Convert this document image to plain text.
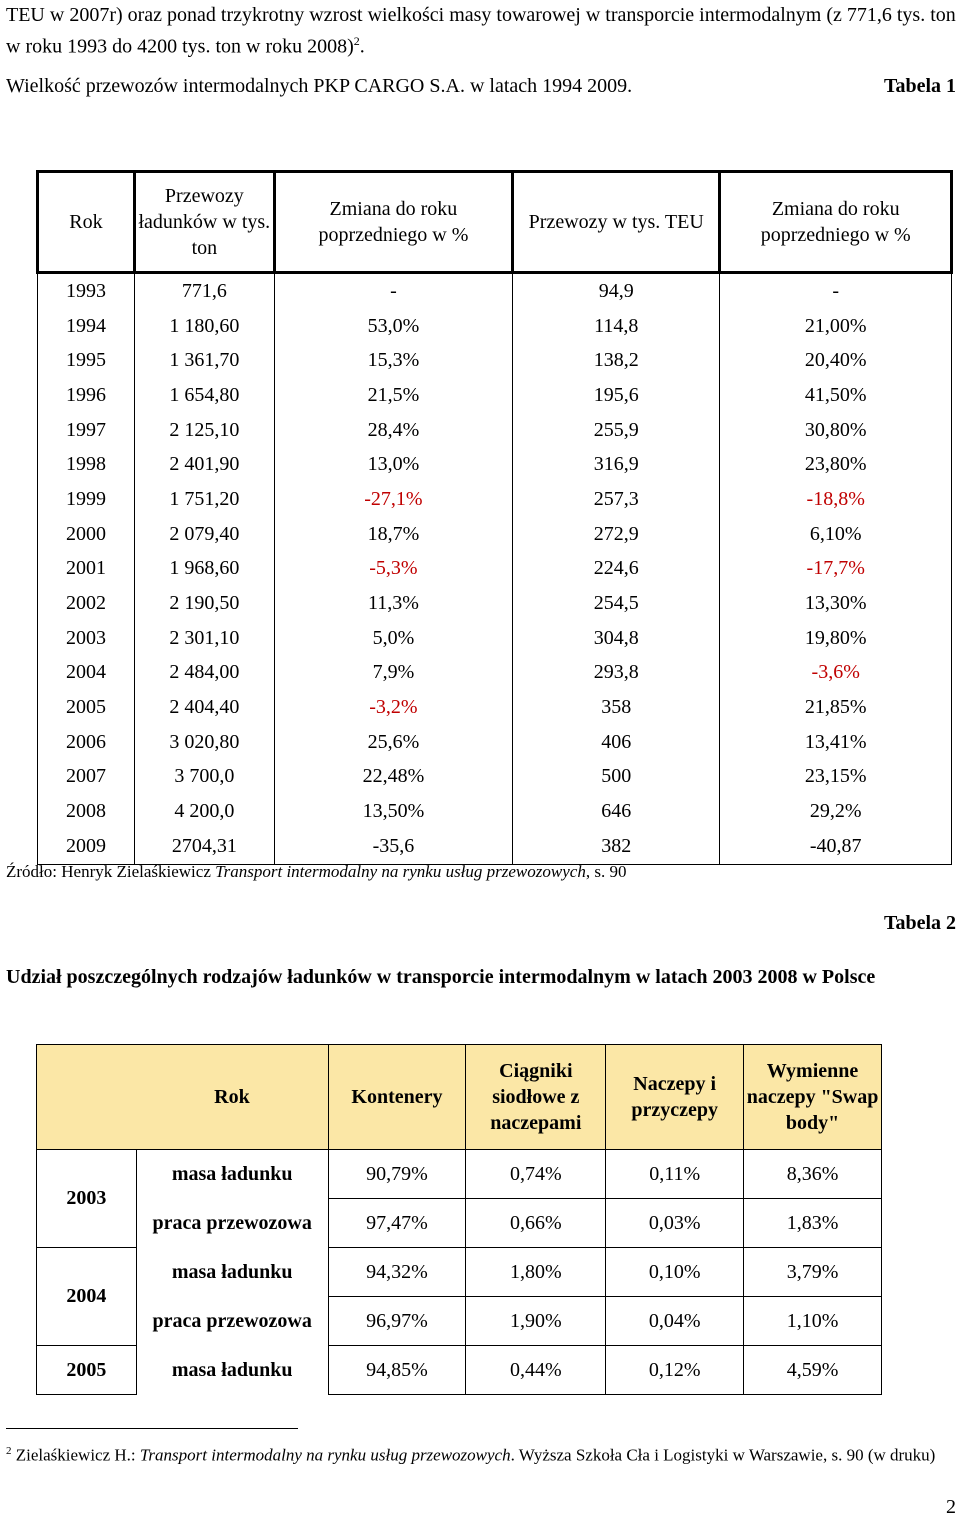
TEU w 2007r) oraz ponad trzykrotny wzrost wielkości masy towarowej w transporcie intermodalnym (z 771,6 tys. ton w roku 1993 do 4200 tys. ton w roku 2008)$^2$.
Wielkość przewozów intermodalnych PKP CARGO S.A. w latach 1994 2009.	Tabela 1
Rok	Przewozy ładunków w tys. ton	Zmiana do roku poprzedniego w %	Przewozy w tys. TEU	Zmiana do roku poprzedniego w %
1993	771,6	-	94,9	-
1994	1 180,60	53,0%	114,8	21,00%
1995	1 361,70	15,3%	138,2	20,40%
1996	1 654,80	21,5%	195,6	41,50%
1997	2 125,10	28,4%	255,9	30,80%
1998	2 401,90	13,0%	316,9	23,80%
1999	1 751,20	-27,1%	257,3	-18,8%
2000	2 079,40	18,7%	272,9	6,10%
2001	1 968,60	-5,3%	224,6	-17,7%
2002	2 190,50	11,3%	254,5	13,30%
2003	2 301,10	5,0%	304,8	19,80%
2004	2 484,00	7,9%	293,8	-3,6%
2005	2 404,40	-3,2%	358	21,85%
2006	3 020,80	25,6%	406	13,41%
2007	3 700,0	22,48%	500	23,15%
2008	4 200,0	13,50%	646	29,2%
2009	2704,31	-35,6	382	-40,87
Źródło: Henryk Zielaśkiewicz Transport intermodalny na rynku usług przewozowych, s. 90
Tabela 2
Udział poszczególnych rodzajów ładunków w transporcie intermodalnym w latach 2003 2008 w Polsce
	Rok	Kontenery	Ciągniki siodłowe z naczepami	Naczepy i przyczepy	Wymienne naczepy "Swap body"
2003	masa ładunku	90,79%	0,74%	0,11%	8,36%
	praca przewozowa	97,47%	0,66%	0,03%	1,83%
2004	masa ładunku	94,32%	1,80%	0,10%	3,79%
	praca przewozowa	96,97%	1,90%	0,04%	1,10%
2005	masa ładunku	94,85%	0,44%	0,12%	4,59%
$^2$ Zielaśkiewicz H.: Transport intermodalny na rynku usług przewozowych. Wyższa Szkoła Cła i Logistyki w Warszawie, s. 90 (w druku)
2
